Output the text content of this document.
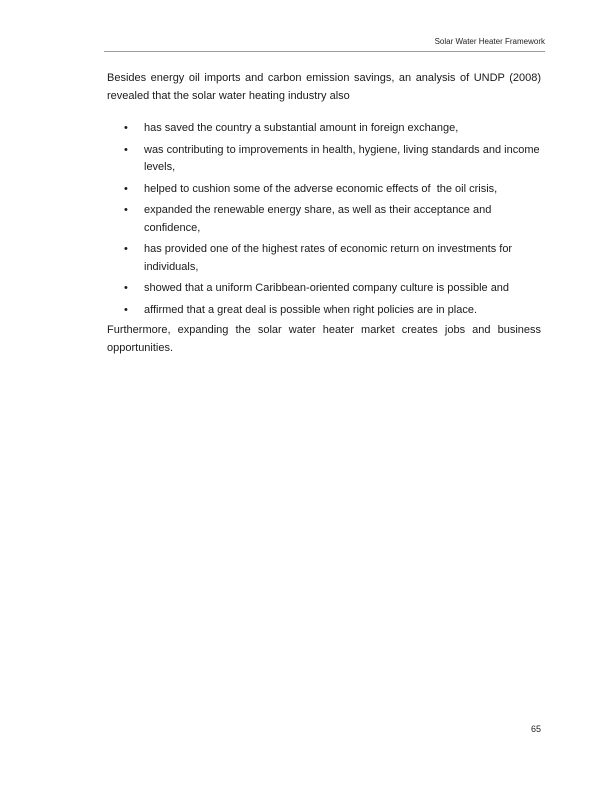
Solar Water Heater Framework

Besides energy oil imports and carbon emission savings, an analysis of UNDP (2008) revealed that the solar water heating industry also

• has saved the country a substantial amount in foreign exchange,
• was contributing to improvements in health, hygiene, living standards and income levels,
• helped to cushion some of the adverse economic effects of  the oil crisis,
• expanded the renewable energy share, as well as their acceptance and confidence,
• has provided one of the highest rates of economic return on investments for individuals,
• showed that a uniform Caribbean-oriented company culture is possible and
• affirmed that a great deal is possible when right policies are in place.

Furthermore, expanding the solar water heater market creates jobs and business opportunities.

65
